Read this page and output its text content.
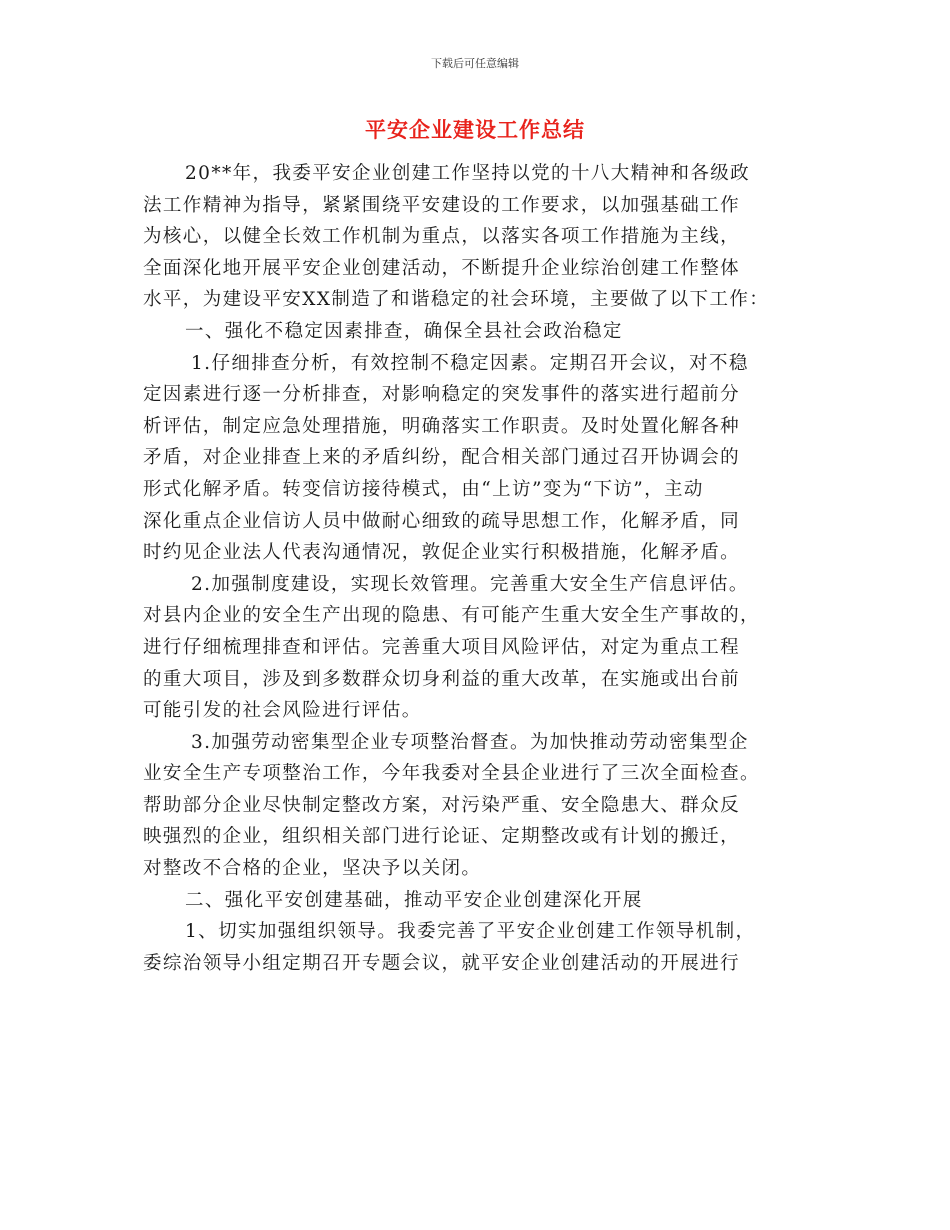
下载后可任意编辑
平安企业建设工作总结
20**年，我委平安企业创建工作坚持以党的十八大精神和各级政
法工作精神为指导，紧紧围绕平安建设的工作要求，以加强基础工作
为核心，以健全长效工作机制为重点，以落实各项工作措施为主线，
全面深化地开展平安企业创建活动，不断提升企业综治创建工作整体
水平，为建设平安XX制造了和谐稳定的社会环境，主要做了以下工作：
一、强化不稳定因素排查，确保全县社会政治稳定
1.仔细排查分析，有效控制不稳定因素。定期召开会议，对不稳
定因素进行逐一分析排查，对影响稳定的突发事件的落实进行超前分
析评估，制定应急处理措施，明确落实工作职责。及时处置化解各种
矛盾，对企业排查上来的矛盾纠纷，配合相关部门通过召开协调会的
形式化解矛盾。转变信访接待模式，由“上访”变为“下访”，主动
深化重点企业信访人员中做耐心细致的疏导思想工作，化解矛盾，同
时约见企业法人代表沟通情况，敦促企业实行积极措施，化解矛盾。
2.加强制度建设，实现长效管理。完善重大安全生产信息评估。
对县内企业的安全生产出现的隐患、有可能产生重大安全生产事故的，
进行仔细梳理排查和评估。完善重大项目风险评估，对定为重点工程
的重大项目，涉及到多数群众切身利益的重大改革，在实施或出台前
可能引发的社会风险进行评估。
3.加强劳动密集型企业专项整治督查。为加快推动劳动密集型企
业安全生产专项整治工作，今年我委对全县企业进行了三次全面检查。
帮助部分企业尽快制定整改方案，对污染严重、安全隐患大、群众反
映强烈的企业，组织相关部门进行论证、定期整改或有计划的搬迁，
对整改不合格的企业，坚决予以关闭。
二、强化平安创建基础，推动平安企业创建深化开展
1、切实加强组织领导。我委完善了平安企业创建工作领导机制，
委综治领导小组定期召开专题会议，就平安企业创建活动的开展进行
